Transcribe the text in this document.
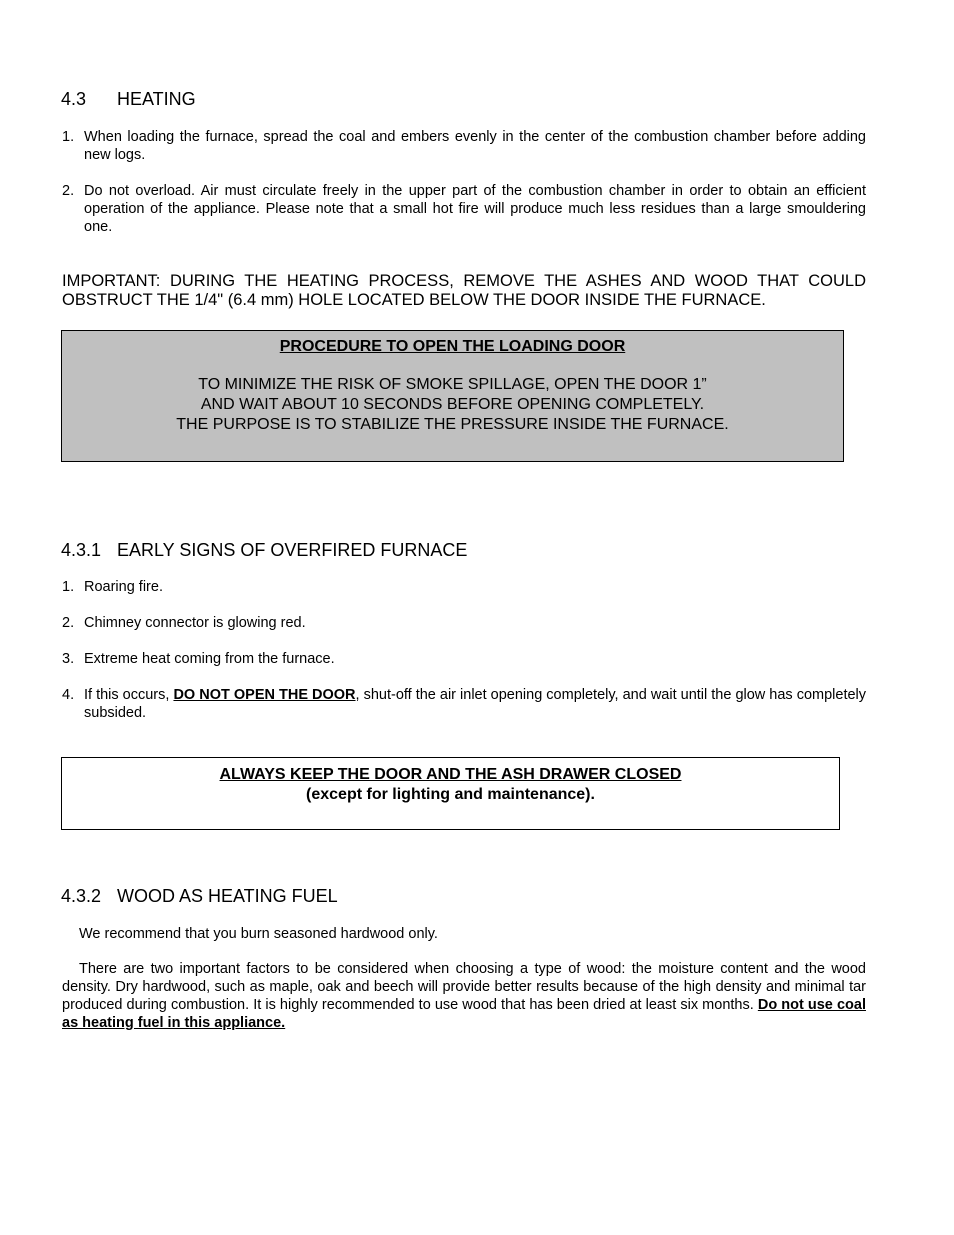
4.3 HEATING
1. When loading the furnace, spread the coal and embers evenly in the center of the combustion chamber before adding new logs.
2. Do not overload. Air must circulate freely in the upper part of the combustion chamber in order to obtain an efficient operation of the appliance. Please note that a small hot fire will produce much less residues than a large smouldering one.
IMPORTANT: DURING THE HEATING PROCESS, REMOVE THE ASHES AND WOOD THAT COULD OBSTRUCT THE 1/4" (6.4 mm) HOLE LOCATED BELOW THE DOOR INSIDE THE FURNACE.
PROCEDURE TO OPEN THE LOADING DOOR
TO MINIMIZE THE RISK OF SMOKE SPILLAGE, OPEN THE DOOR 1”
AND WAIT ABOUT 10 SECONDS BEFORE OPENING COMPLETELY.
THE PURPOSE IS TO STABILIZE THE PRESSURE INSIDE THE FURNACE.
4.3.1 EARLY SIGNS OF OVERFIRED FURNACE
1. Roaring fire.
2. Chimney connector is glowing red.
3. Extreme heat coming from the furnace.
4. If this occurs, DO NOT OPEN THE DOOR, shut-off the air inlet opening completely, and wait until the glow has completely subsided.
ALWAYS KEEP THE DOOR AND THE ASH DRAWER CLOSED
(except for lighting and maintenance).
4.3.2 WOOD AS HEATING FUEL
We recommend that you burn seasoned hardwood only.
There are two important factors to be considered when choosing a type of wood: the moisture content and the wood density. Dry hardwood, such as maple, oak and beech will provide better results because of the high density and minimal tar produced during combustion. It is highly recommended to use wood that has been dried at least six months. Do not use coal as heating fuel in this appliance.
